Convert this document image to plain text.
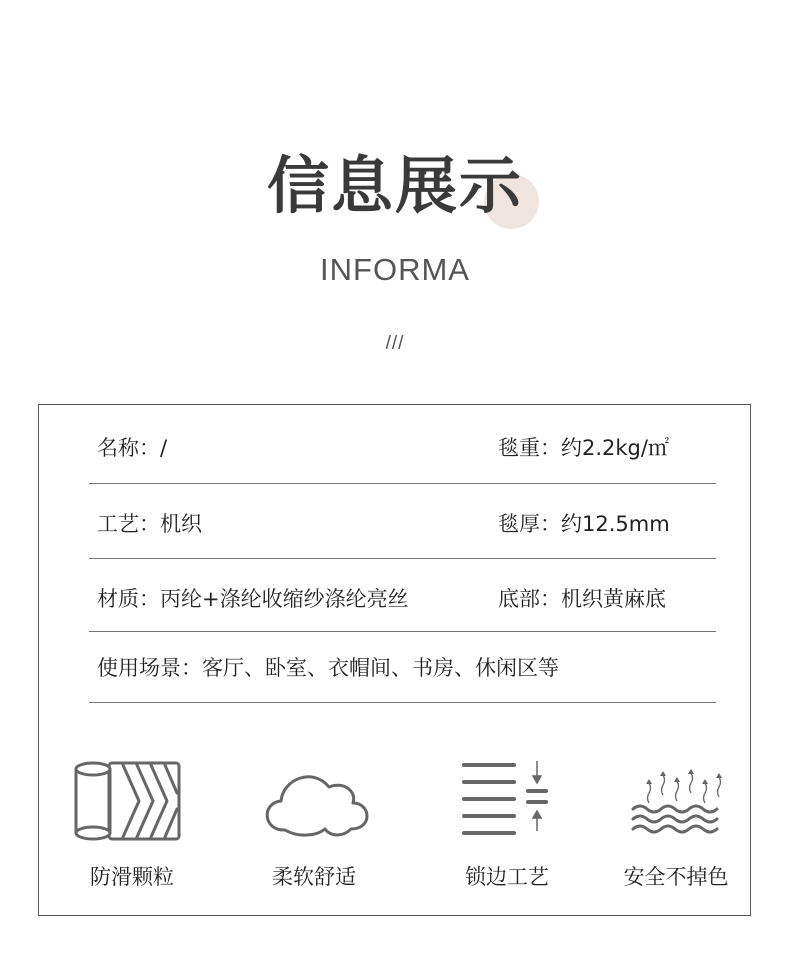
信息展示
INFORMA
///
名称：/	毯重：约2.2kg/㎡
工艺：机织	毯厚：约12.5mm
材质：丙纶+涤纶收缩纱涤纶亮丝	底部：机织黄麻底
使用场景：客厅、卧室、衣帽间、书房、休闲区等
防滑颗粒	柔软舒适	锁边工艺	安全不掉色
